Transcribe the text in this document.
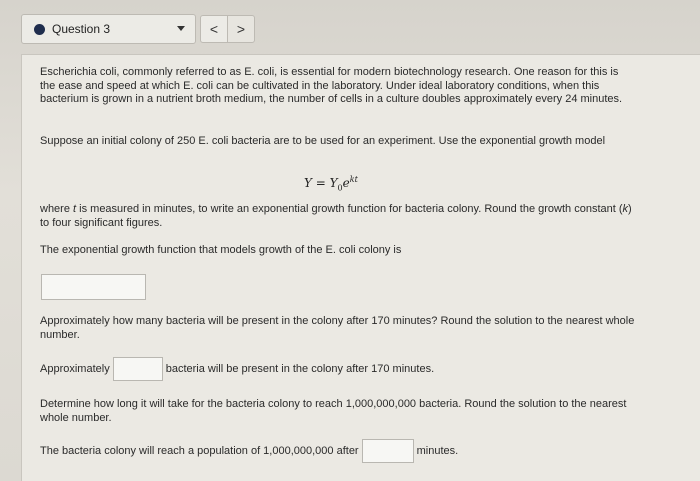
Question 3	< >

Escherichia coli, commonly referred to as E. coli, is essential for modern biotechnology research. One reason for this is the ease and speed at which E. coli can be cultivated in the laboratory. Under ideal laboratory conditions, when this bacterium is grown in a nutrient broth medium, the number of cells in a culture doubles approximately every 24 minutes.

Suppose an initial colony of 250 E. coli bacteria are to be used for an experiment. Use the exponential growth model

$Y = Y_0e^{kt}$

where t is measured in minutes, to write an exponential growth function for bacteria colony. Round the growth constant (k) to four significant figures.

The exponential growth function that models growth of the E. coli colony is

Approximately how many bacteria will be present in the colony after 170 minutes? Round the solution to the nearest whole number.

Approximately	bacteria will be present in the colony after 170 minutes.

Determine how long it will take for the bacteria colony to reach 1,000,000,000 bacteria. Round the solution to the nearest whole number.

The bacteria colony will reach a population of 1,000,000,000 after	minutes.
